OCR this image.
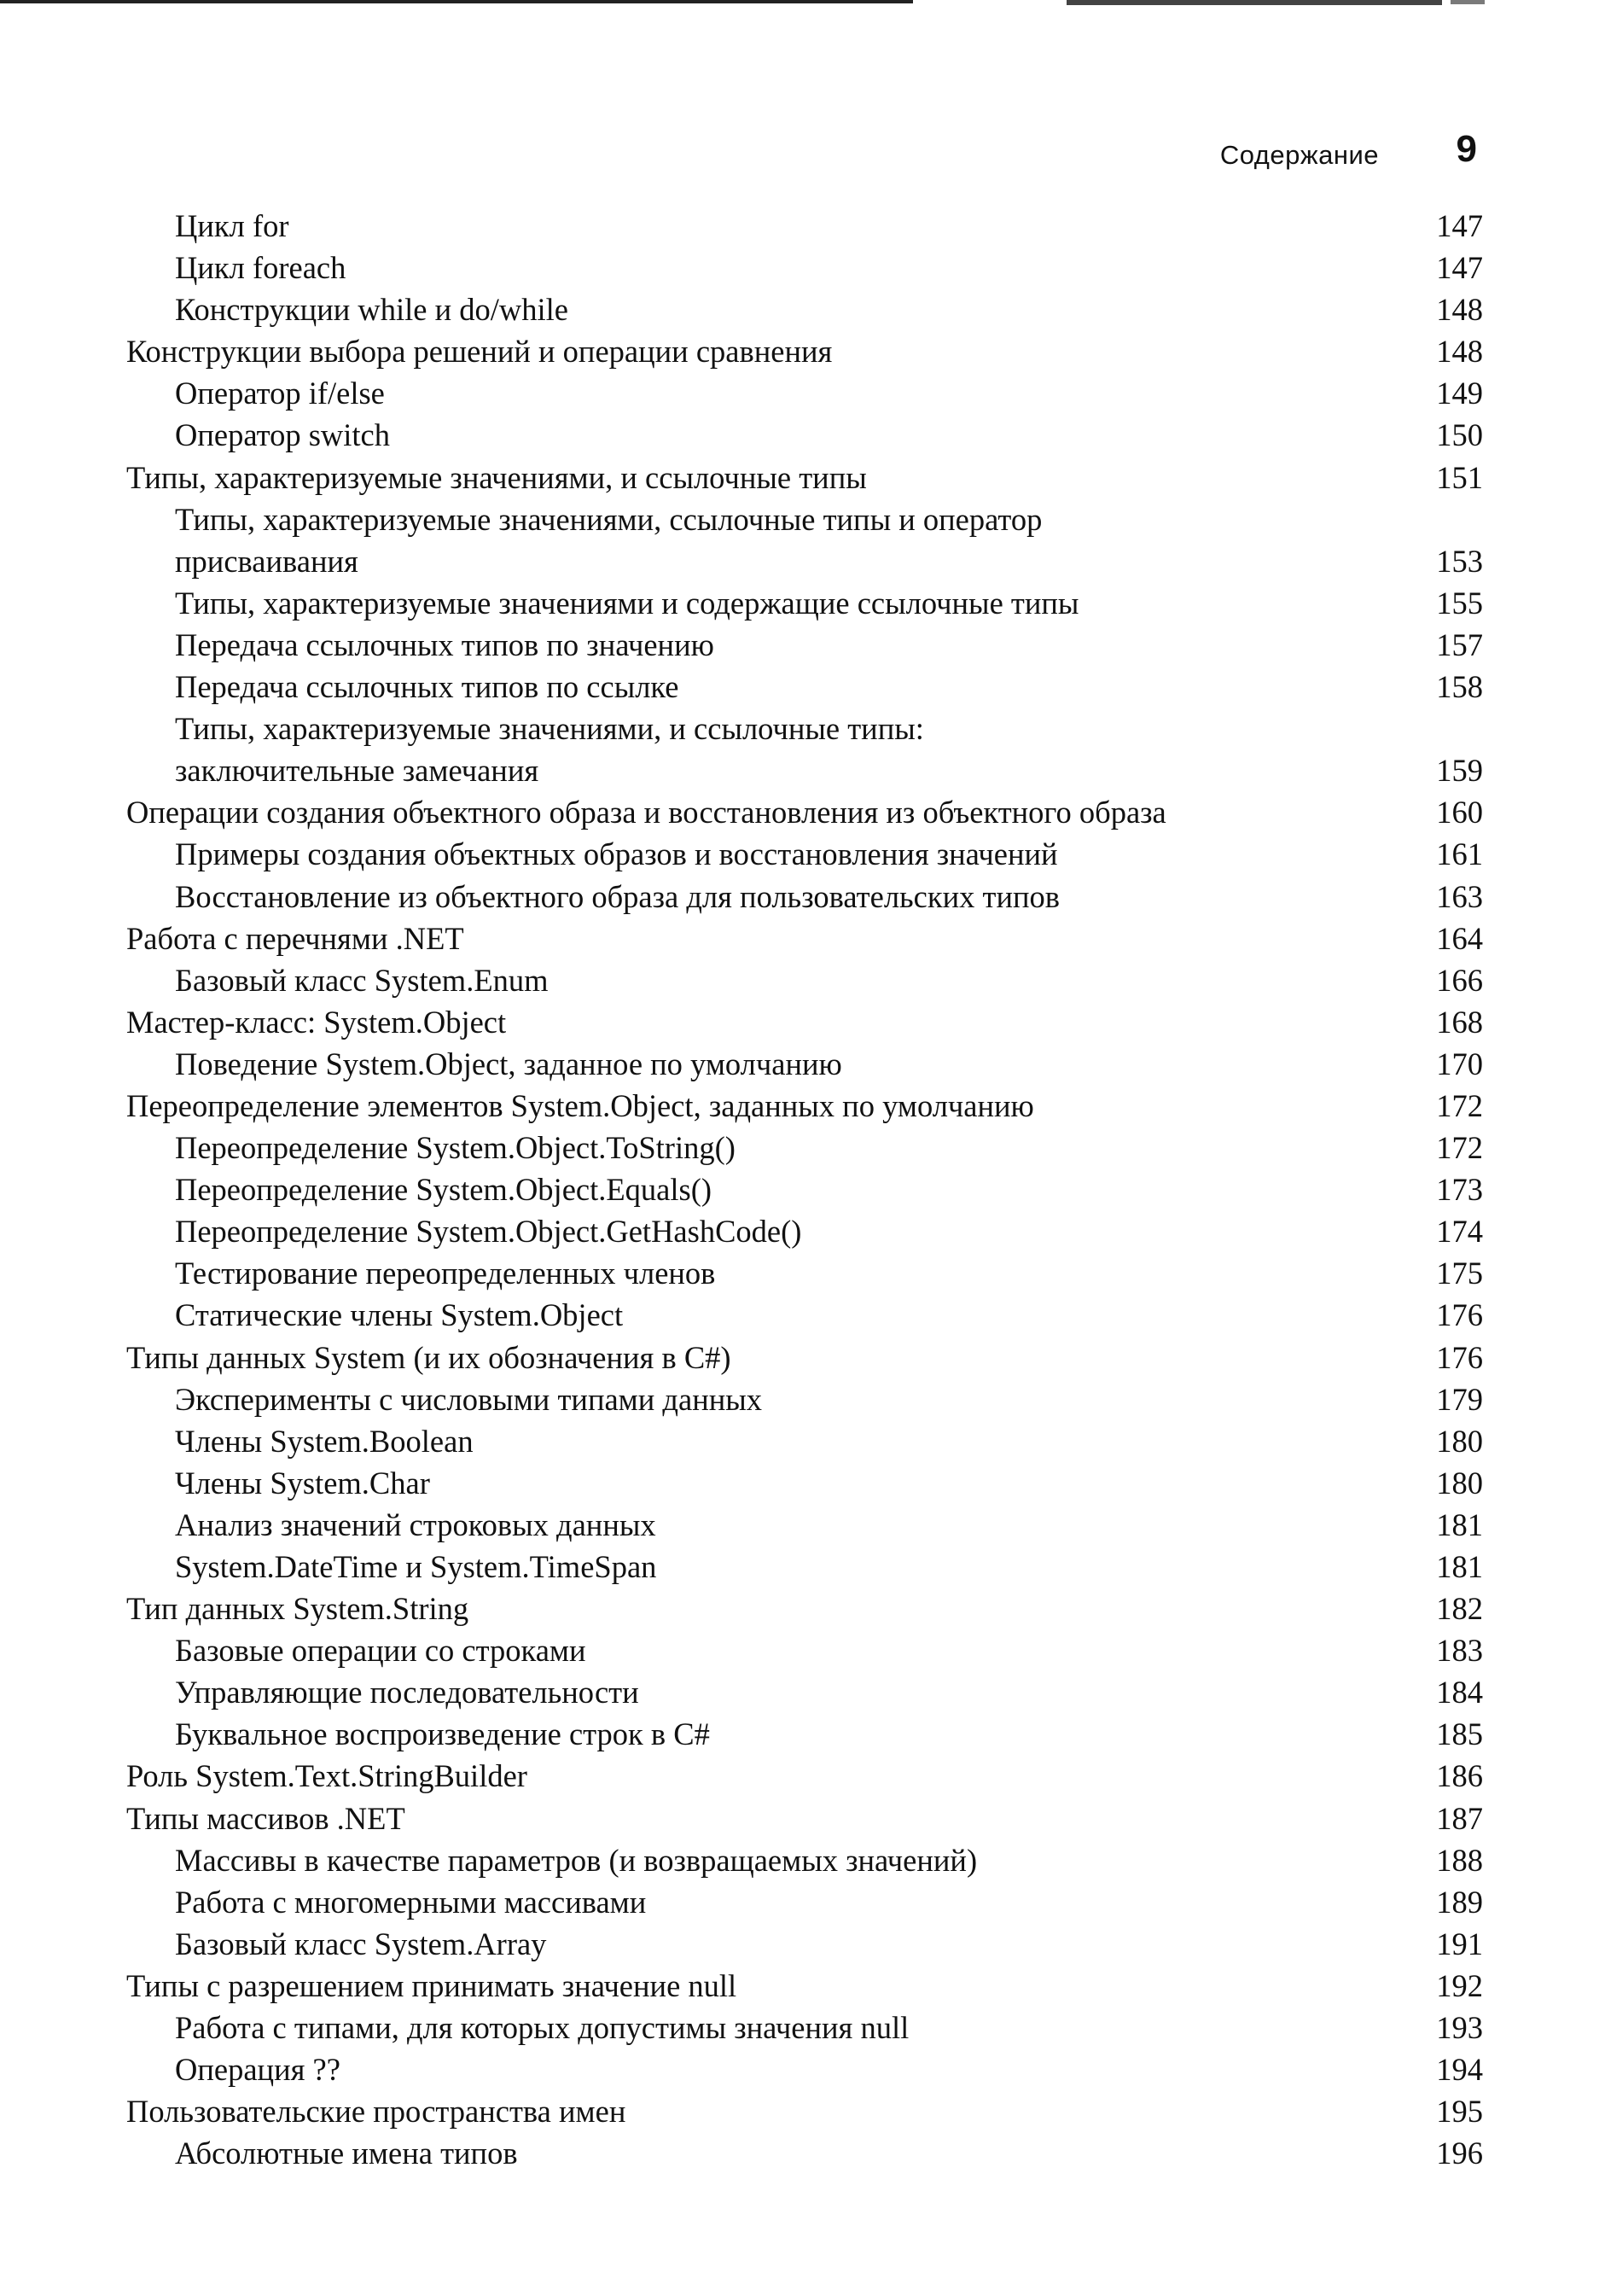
Содержание 9
Цикл for	147
Цикл foreach	147
Конструкции while и do/while	148
Конструкции выбора решений и операции сравнения	148
Оператор if/else	149
Оператор switch	150
Типы, характеризуемые значениями, и ссылочные типы	151
Типы, характеризуемые значениями, ссылочные типы и оператор
присваивания	153
Типы, характеризуемые значениями и содержащие ссылочные типы	155
Передача ссылочных типов по значению	157
Передача ссылочных типов по ссылке	158
Типы, характеризуемые значениями, и ссылочные типы:
заключительные замечания	159
Операции создания объектного образа и восстановления из объектного образа	160
Примеры создания объектных образов и восстановления значений	161
Восстановление из объектного образа для пользовательских типов	163
Работа с перечнями .NET	164
Базовый класс System.Enum	166
Мастер-класс: System.Object	168
Поведение System.Object, заданное по умолчанию	170
Переопределение элементов System.Object, заданных по умолчанию	172
Переопределение System.Object.ToString()	172
Переопределение System.Object.Equals()	173
Переопределение System.Object.GetHashCode()	174
Тестирование переопределенных членов	175
Статические члены System.Object	176
Типы данных System (и их обозначения в C#)	176
Эксперименты с числовыми типами данных	179
Члены System.Boolean	180
Члены System.Char	180
Анализ значений строковых данных	181
System.DateTime и System.TimeSpan	181
Тип данных System.String	182
Базовые операции со строками	183
Управляющие последовательности	184
Буквальное воспроизведение строк в C#	185
Роль System.Text.StringBuilder	186
Типы массивов .NET	187
Массивы в качестве параметров (и возвращаемых значений)	188
Работа с многомерными массивами	189
Базовый класс System.Array	191
Типы с разрешением принимать значение null	192
Работа с типами, для которых допустимы значения null	193
Операция ??	194
Пользовательские пространства имен	195
Абсолютные имена типов	196
